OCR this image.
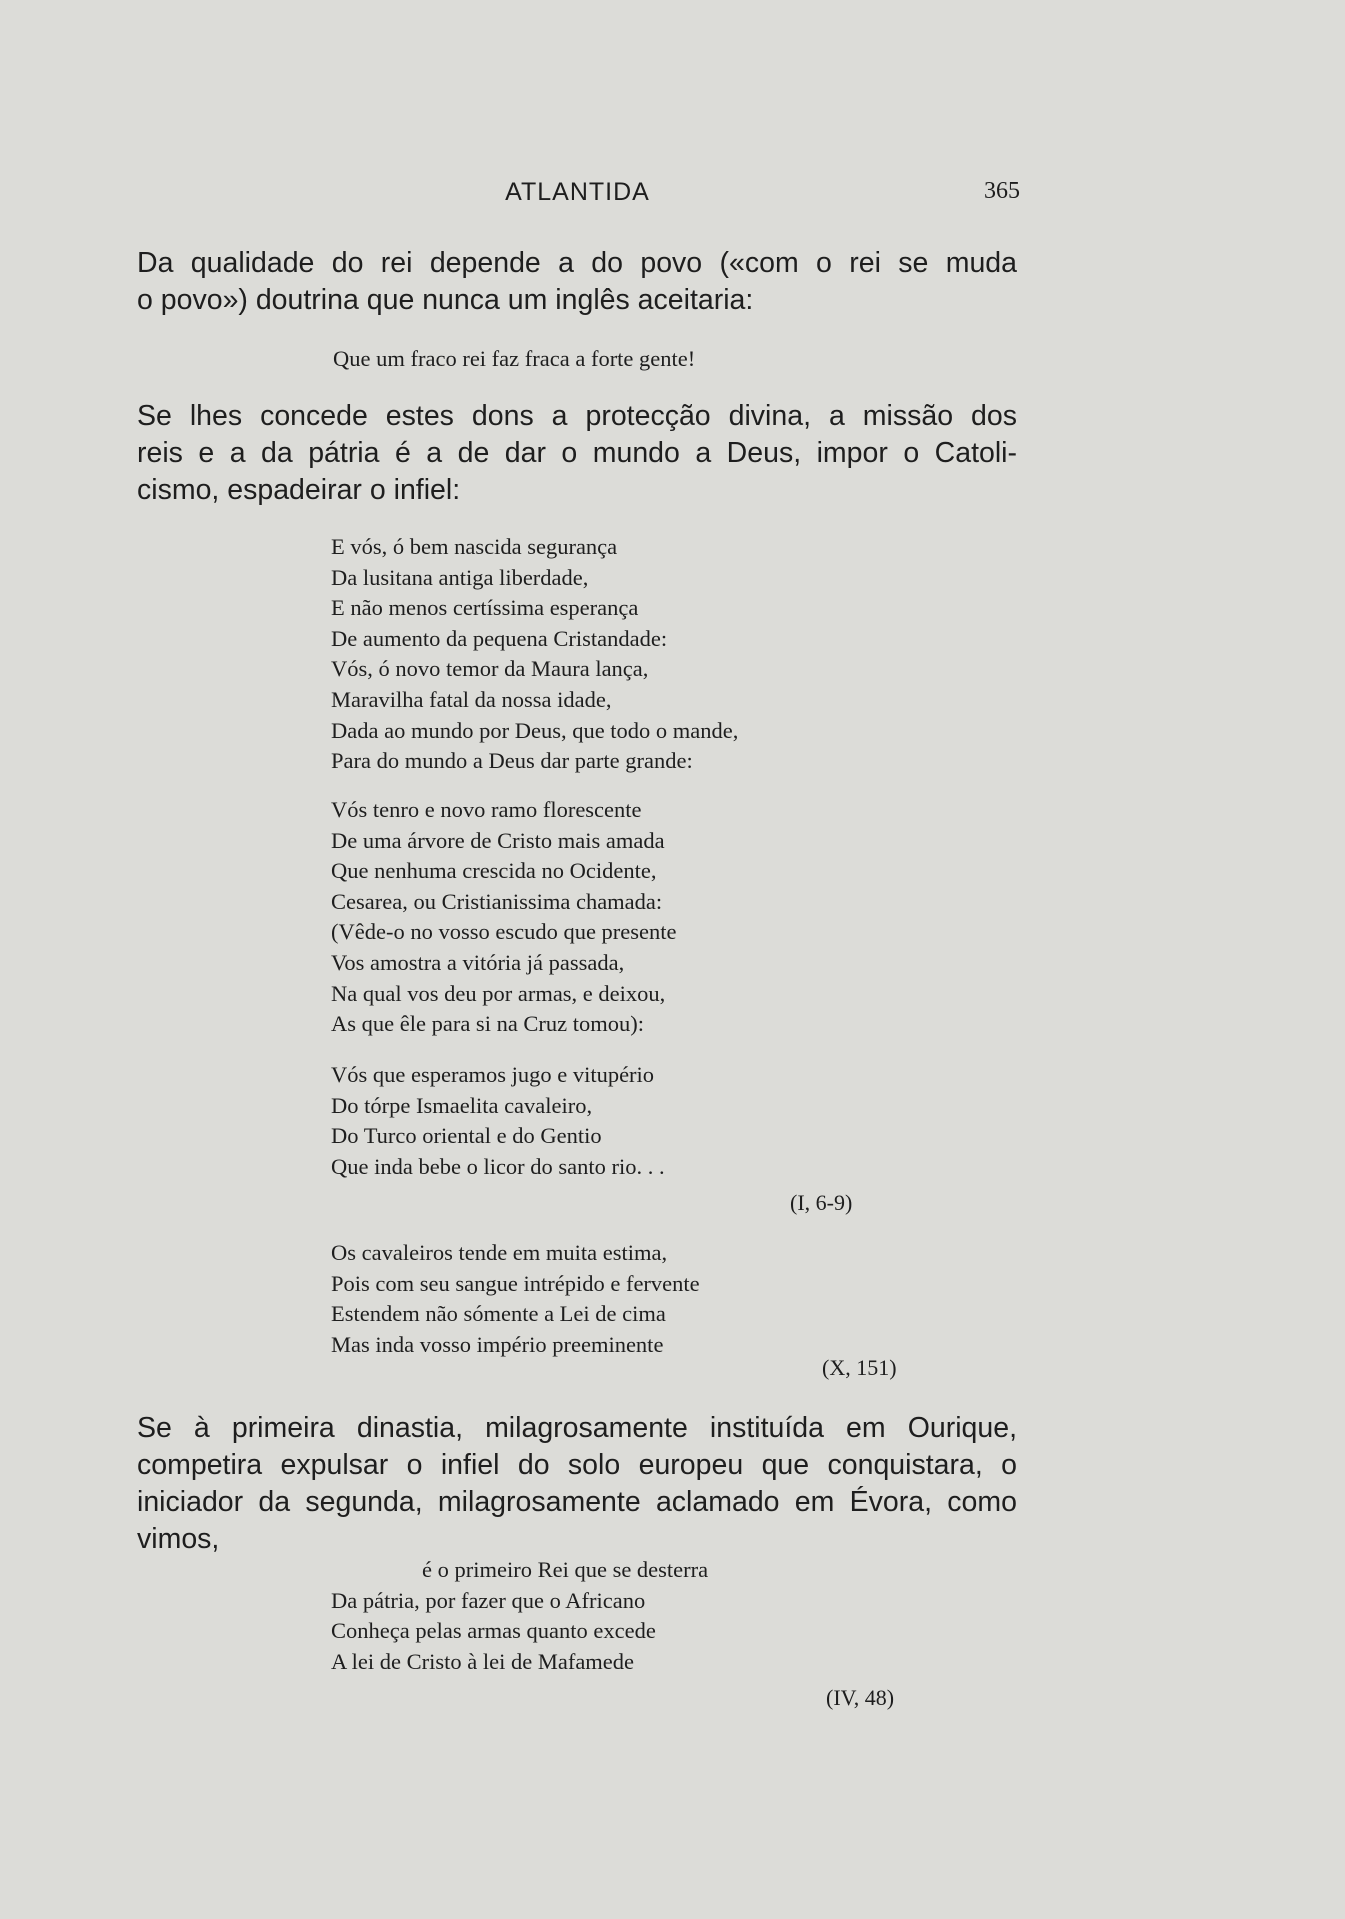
ATLANTIDA	365

Da qualidade do rei depende a do povo («com o rei se muda
o povo») doutrina que nunca um inglês aceitaria:

Que um fraco rei faz fraca a forte gente!

Se lhes concede estes dons a protecção divina, a missão dos
reis e a da pátria é a de dar o mundo a Deus, impor o Catoli-
cismo, espadeirar o infiel:

E vós, ó bem nascida segurança
Da lusitana antiga liberdade,
E não menos certíssima esperança
De aumento da pequena Cristandade:
Vós, ó novo temor da Maura lança,
Maravilha fatal da nossa idade,
Dada ao mundo por Deus, que todo o mande,
Para do mundo a Deus dar parte grande:
Vós tenro e novo ramo florescente
De uma árvore de Cristo mais amada
Que nenhuma crescida no Ocidente,
Cesarea, ou Cristianissima chamada:
(Vêde-o no vosso escudo que presente
Vos amostra a vitória já passada,
Na qual vos deu por armas, e deixou,
As que êle para si na Cruz tomou):
Vós que esperamos jugo e vitupério
Do tórpe Ismaelita cavaleiro,
Do Turco oriental e do Gentio
Que inda bebe o licor do santo rio. . .
(I, 6-9)
Os cavaleiros tende em muita estima,
Pois com seu sangue intrépido e fervente
Estendem não sómente a Lei de cima
Mas inda vosso império preeminente
(X, 151)

Se à primeira dinastia, milagrosamente instituída em Ourique,
competira expulsar o infiel do solo europeu que conquistara, o
iniciador da segunda, milagrosamente aclamado em Évora, como
vimos,

é o primeiro Rei que se desterra
Da pátria, por fazer que o Africano
Conheça pelas armas quanto excede
A lei de Cristo à lei de Mafamede
(IV, 48)
